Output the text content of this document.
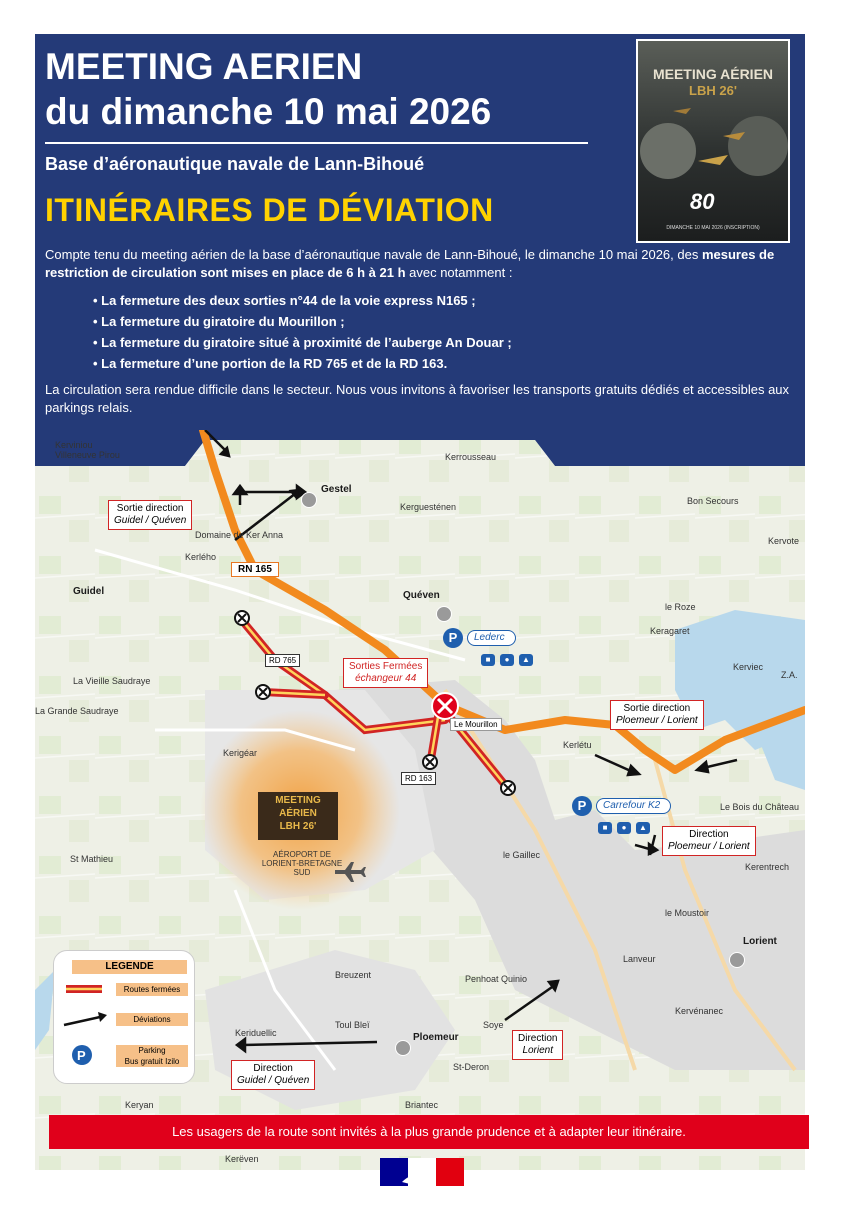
MEETING AERIEN
du dimanche 10 mai 2026
Base d’aéronautique navale de Lann-Bihoué
ITINÉRAIRES DE DÉVIATION
MEETING AÉRIEN
LBH 26'
80
DIMANCHE 10 MAI 2026 (INSCRIPTION)
Compte tenu du meeting aérien de la base d’aéronautique navale de Lann-Bihoué, le dimanche 10 mai 2026, des mesures de restriction de circulation sont mises en place de 6 h à 21 h avec notamment :
• La fermeture des deux sorties n°44 de la voie express N165 ;
• La fermeture du giratoire du Mourillon ;
• La fermeture du giratoire situé à proximité de l’auberge An Douar ;
• La fermeture d’une portion de la RD 765 et de la RD 163.
La circulation sera rendue difficile dans le secteur. Nous vous invitons à favoriser les transports gratuits dédiés et accessibles aux parkings relais.
Kerviniou
Villeneuve Pirou	Kerrousseau
Kerguesténen
Bon Secours
Kervote
Domaine de Ker Anna
Kerlého
le Roze
Keragaret
Kerviec
Z.A.
La Vieille Saudraye
La Grande Saudraye
Kerigéar
Kerlétu
Le Bois du Château
Kerentrech
St Mathieu	le Gaillec
le Moustoir
Lanveur
Penhoat Quinio
Breuzent
Toul Bleï
Keriduellic
Soye
St-Deron
Kervénanec
Briantec
Keryan
Kerëven
AÉROPORT DE LORIENT-BRETAGNE SUD
Gestel
Quéven
Guidel
Lorient
Ploemeur
RN 165
RD 765
RD 163
Le Mourillon
Sortie direction
Guidel / Quéven
Sorties Fermées
échangeur 44
Sortie direction
Ploemeur / Lorient
Direction
Ploemeur / Lorient
Direction
Lorient
Direction
Guidel / Quéven
P	Lederc
■	●	▲
P	Carrefour K2
■	●	▲
MEETING
AÉRIEN
LBH 26'
LEGENDE
P
Routes fermées
Déviations
Parking
Bus gratuit Izilo
Les usagers de la route sont invités à la plus grande prudence et à adapter leur itinéraire.
